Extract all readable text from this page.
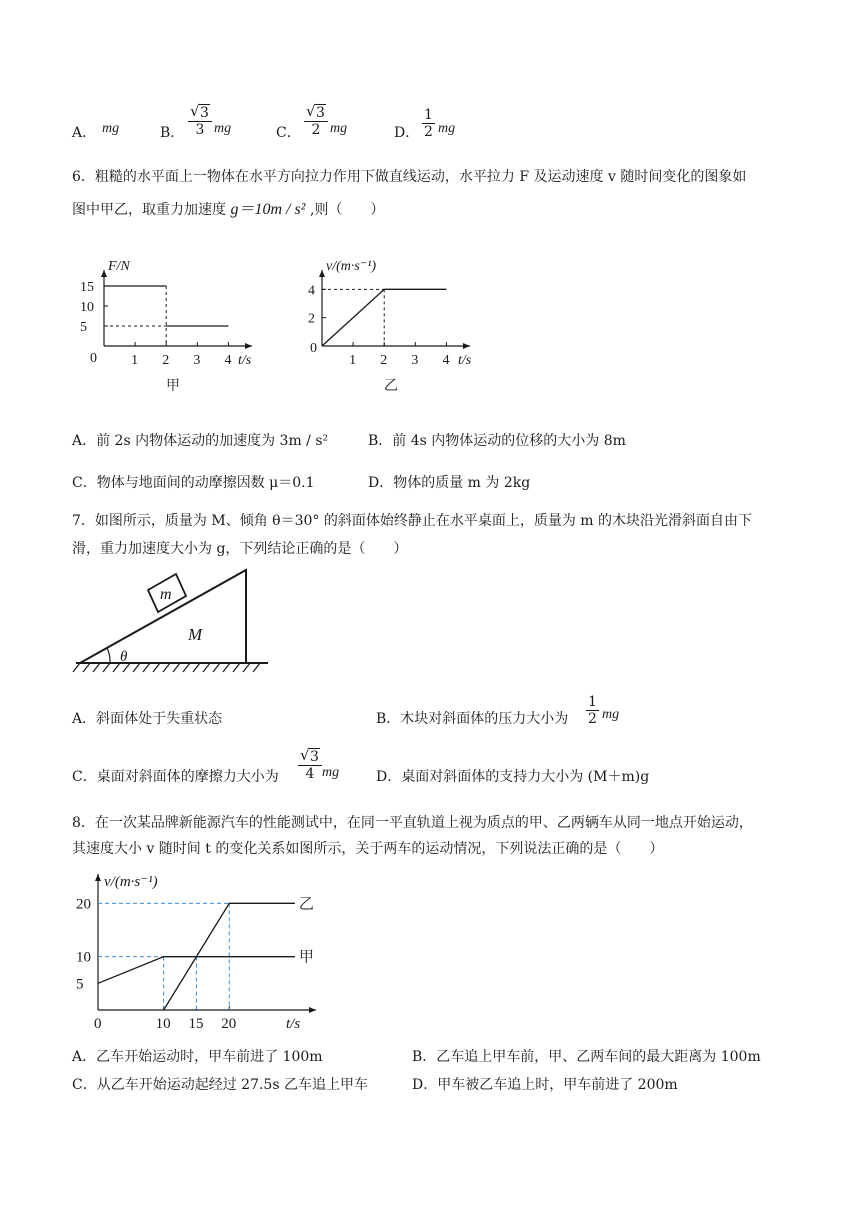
A． mg	B． $\frac{√ 3}{3}$ mg	C． $\frac{√ 3}{2}$ mg	D． $\frac{1}{2}$ mg
6．粗糙的水平面上一物体在水平方向拉力作用下做直线运动，水平拉力 F 及运动速度 v 随时间变化的图象如
图中甲乙，取重力加速度 g＝10m / s² ,则（　　）
F/N
t/s
0 1 2 3 4
5
10
15
甲
v/(m·s⁻¹)
t/s
0
1 2 3 4
2
4
乙
A．前 2s 内物体运动的加速度为 3m / s²	B．前 4s 内物体运动的位移的大小为 8m
C．物体与地面间的动摩擦因数 μ＝0.1	D．物体的质量 m 为 2kg
7．如图所示，质量为 M、倾角 θ＝30° 的斜面体始终静止在水平桌面上，质量为 m 的木块沿光滑斜面自由下
滑，重力加速度大小为 g，下列结论正确的是（　　）
m
M
θ
A．斜面体处于失重状态	B．木块对斜面体的压力大小为 $\frac{1}{2}$ mg
C．桌面对斜面体的摩擦力大小为 $\frac{√ 3}{4}$ mg	D．桌面对斜面体的支持力大小为 (M＋m)g
8．在一次某品牌新能源汽车的性能测试中，在同一平直轨道上视为质点的甲、乙两辆车从同一地点开始运动，
其速度大小 v 随时间 t 的变化关系如图所示，关于两车的运动情况，下列说法正确的是（　　）
v/(m·s⁻¹)
t/s
0	10 15 20
5
10
20
甲
乙
A．乙车开始运动时，甲车前进了 100m	B．乙车追上甲车前，甲、乙两车间的最大距离为 100m
C．从乙车开始运动起经过 27.5s 乙车追上甲车	D．甲车被乙车追上时，甲车前进了 200m
